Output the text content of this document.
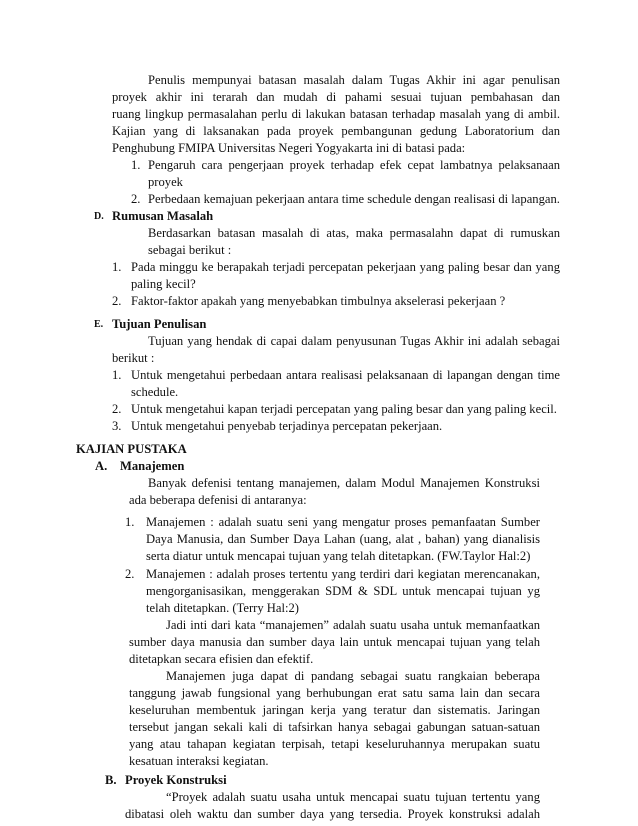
Penulis mempunyai batasan masalah dalam Tugas Akhir ini agar penulisan
proyek akhir ini terarah dan mudah di pahami sesuai tujuan pembahasan dan
ruang lingkup permasalahan perlu di lakukan batasan terhadap masalah yang di ambil.
Kajian yang di laksanakan pada proyek pembangunan gedung Laboratorium dan
Penghubung FMIPA Universitas Negeri Yogyakarta ini di batasi pada:
1. Pengaruh cara pengerjaan proyek terhadap efek cepat lambatnya pelaksanaan
proyek
2. Perbedaan kemajuan pekerjaan antara time schedule dengan realisasi di lapangan.
D. Rumusan Masalah
Berdasarkan batasan masalah di atas, maka permasalahn dapat di rumuskan
sebagai berikut :
1. Pada minggu ke berapakah terjadi percepatan pekerjaan yang paling besar dan yang
paling kecil?
2. Faktor-faktor apakah yang menyebabkan timbulnya akselerasi pekerjaan ?
E. Tujuan Penulisan
Tujuan yang hendak di capai dalam penyusunan Tugas Akhir ini adalah sebagai
berikut :
1. Untuk mengetahui perbedaan antara realisasi pelaksanaan di lapangan dengan time
schedule.
2. Untuk mengetahui kapan terjadi percepatan yang paling besar dan yang paling kecil.
3. Untuk mengetahui penyebab terjadinya percepatan pekerjaan.
KAJIAN PUSTAKA
A. Manajemen
Banyak defenisi tentang manajemen, dalam Modul Manajemen Konstruksi
ada beberapa defenisi di antaranya:
1. Manajemen : adalah suatu seni yang mengatur proses pemanfaatan Sumber
Daya Manusia, dan Sumber Daya Lahan (uang, alat , bahan) yang dianalisis
serta diatur untuk mencapai tujuan yang telah ditetapkan. (FW.Taylor Hal:2)
2. Manajemen : adalah proses tertentu yang terdiri dari kegiatan merencanakan,
mengorganisasikan, menggerakan SDM & SDL untuk mencapai tujuan yg
telah ditetapkan. (Terry Hal:2)
Jadi inti dari kata “manajemen” adalah suatu usaha untuk memanfaatkan
sumber daya manusia dan sumber daya lain untuk mencapai tujuan yang telah
ditetapkan secara efisien dan efektif.
Manajemen juga dapat di pandang sebagai suatu rangkaian beberapa
tanggung jawab fungsional yang berhubungan erat satu sama lain dan secara
keseluruhan membentuk jaringan kerja yang teratur dan sistematis. Jaringan
tersebut jangan sekali kali di tafsirkan hanya sebagai gabungan satuan-satuan
yang atau tahapan kegiatan terpisah, tetapi keseluruhannya merupakan suatu
kesatuan interaksi kegiatan.
B. Proyek Konstruksi
“Proyek adalah suatu usaha untuk mencapai suatu tujuan tertentu yang
dibatasi oleh waktu dan sumber daya yang tersedia. Proyek konstruksi adalah
